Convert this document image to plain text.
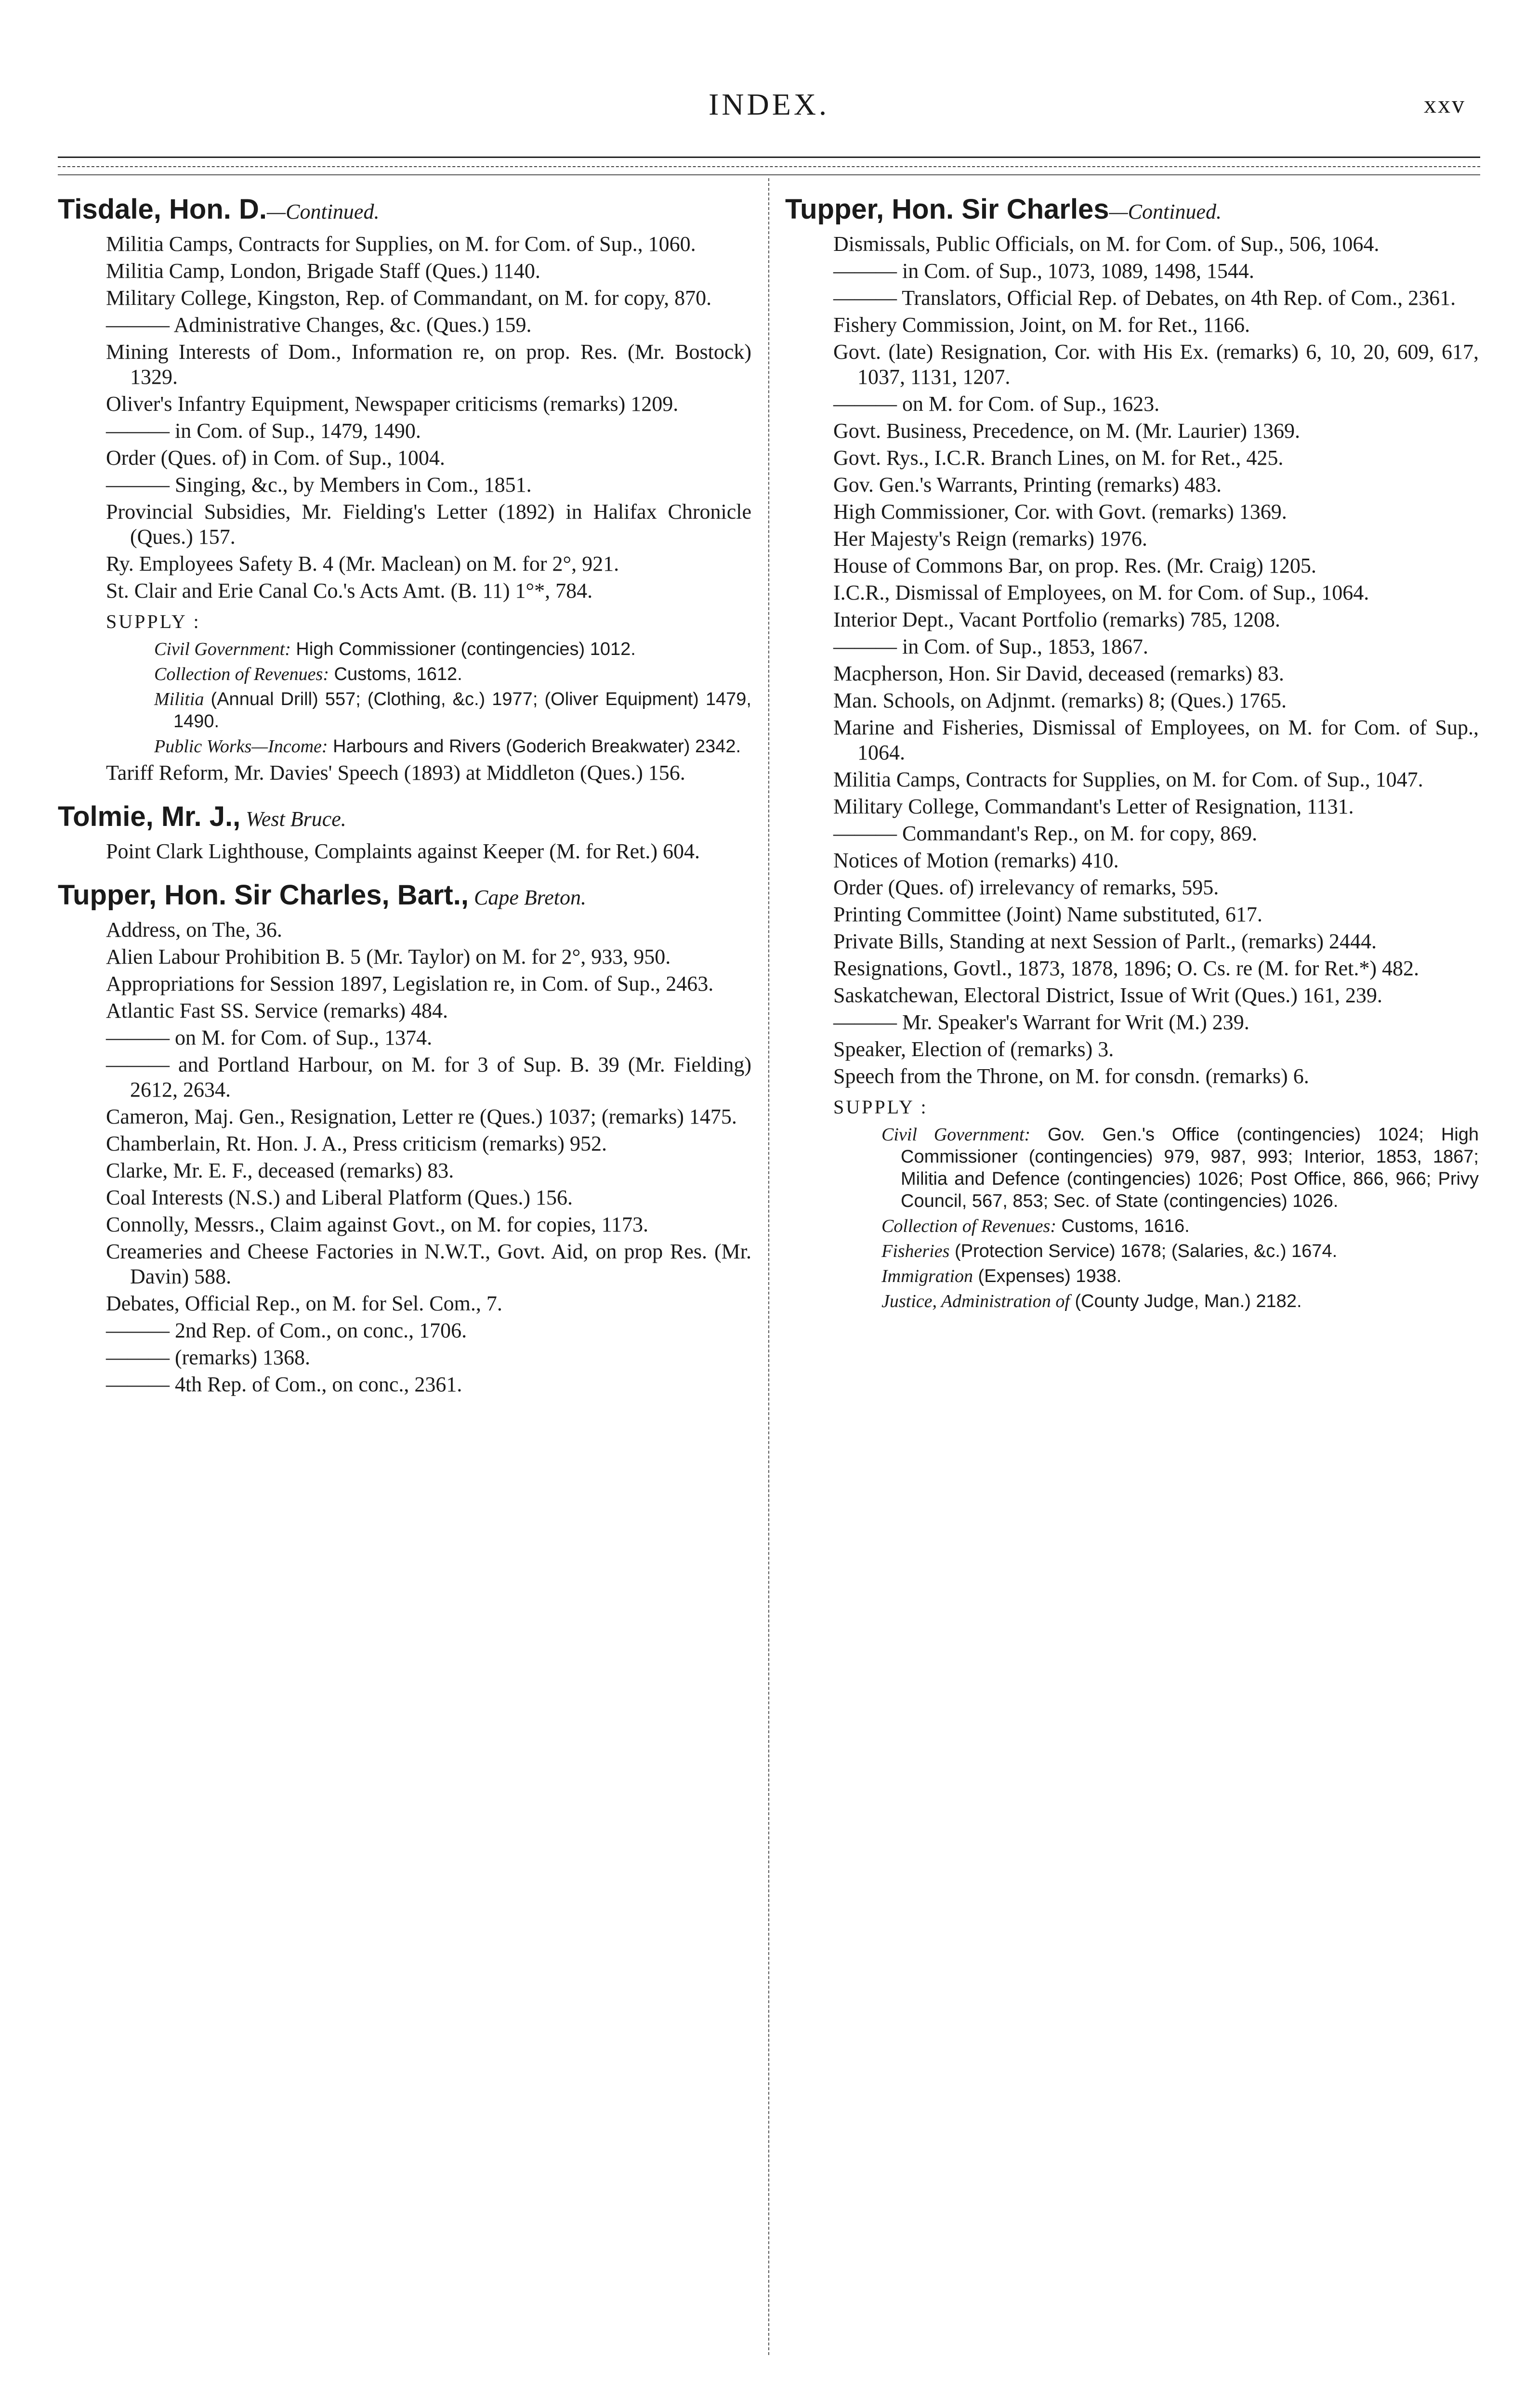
INDEX.	xxv
Tisdale, Hon. D.—Continued.
Militia Camps, Contracts for Supplies, on M. for Com. of Sup., 1060.
Militia Camp, London, Brigade Staff (Ques.) 1140.
Military College, Kingston, Rep. of Commandant, on M. for copy, 870.
——— Administrative Changes, &c. (Ques.) 159.
Mining Interests of Dom., Information re, on prop. Res. (Mr. Bostock) 1329.
Oliver's Infantry Equipment, Newspaper criticisms (remarks) 1209.
——— in Com. of Sup., 1479, 1490.
Order (Ques. of) in Com. of Sup., 1004.
——— Singing, &c., by Members in Com., 1851.
Provincial Subsidies, Mr. Fielding's Letter (1892) in Halifax Chronicle (Ques.) 157.
Ry. Employees Safety B. 4 (Mr. Maclean) on M. for 2°, 921.
St. Clair and Erie Canal Co.'s Acts Amt. (B. 11) 1°*, 784.
SUPPLY :
Civil Government: High Commissioner (contingencies) 1012.
Collection of Revenues: Customs, 1612.
Militia (Annual Drill) 557; (Clothing, &c.) 1977; (Oliver Equipment) 1479, 1490.
Public Works—Income: Harbours and Rivers (Goderich Breakwater) 2342.
Tariff Reform, Mr. Davies' Speech (1893) at Middleton (Ques.) 156.
Tolmie, Mr. J., West Bruce.
Point Clark Lighthouse, Complaints against Keeper (M. for Ret.) 604.
Tupper, Hon. Sir Charles, Bart., Cape Breton.
Address, on The, 36.
Alien Labour Prohibition B. 5 (Mr. Taylor) on M. for 2°, 933, 950.
Appropriations for Session 1897, Legislation re, in Com. of Sup., 2463.
Atlantic Fast SS. Service (remarks) 484.
——— on M. for Com. of Sup., 1374.
——— and Portland Harbour, on M. for 3 of Sup. B. 39 (Mr. Fielding) 2612, 2634.
Cameron, Maj. Gen., Resignation, Letter re (Ques.) 1037; (remarks) 1475.
Chamberlain, Rt. Hon. J. A., Press criticism (remarks) 952.
Clarke, Mr. E. F., deceased (remarks) 83.
Coal Interests (N.S.) and Liberal Platform (Ques.) 156.
Connolly, Messrs., Claim against Govt., on M. for copies, 1173.
Creameries and Cheese Factories in N.W.T., Govt. Aid, on prop Res. (Mr. Davin) 588.
Debates, Official Rep., on M. for Sel. Com., 7.
——— 2nd Rep. of Com., on conc., 1706.
——— (remarks) 1368.
——— 4th Rep. of Com., on conc., 2361.
Tupper, Hon. Sir Charles—Continued.
Dismissals, Public Officials, on M. for Com. of Sup., 506, 1064.
——— in Com. of Sup., 1073, 1089, 1498, 1544.
——— Translators, Official Rep. of Debates, on 4th Rep. of Com., 2361.
Fishery Commission, Joint, on M. for Ret., 1166.
Govt. (late) Resignation, Cor. with His Ex. (remarks) 6, 10, 20, 609, 617, 1037, 1131, 1207.
——— on M. for Com. of Sup., 1623.
Govt. Business, Precedence, on M. (Mr. Laurier) 1369.
Govt. Rys., I.C.R. Branch Lines, on M. for Ret., 425.
Gov. Gen.'s Warrants, Printing (remarks) 483.
High Commissioner, Cor. with Govt. (remarks) 1369.
Her Majesty's Reign (remarks) 1976.
House of Commons Bar, on prop. Res. (Mr. Craig) 1205.
I.C.R., Dismissal of Employees, on M. for Com. of Sup., 1064.
Interior Dept., Vacant Portfolio (remarks) 785, 1208.
——— in Com. of Sup., 1853, 1867.
Macpherson, Hon. Sir David, deceased (remarks) 83.
Man. Schools, on Adjnmt. (remarks) 8; (Ques.) 1765.
Marine and Fisheries, Dismissal of Employees, on M. for Com. of Sup., 1064.
Militia Camps, Contracts for Supplies, on M. for Com. of Sup., 1047.
Military College, Commandant's Letter of Resignation, 1131.
——— Commandant's Rep., on M. for copy, 869.
Notices of Motion (remarks) 410.
Order (Ques. of) irrelevancy of remarks, 595.
Printing Committee (Joint) Name substituted, 617.
Private Bills, Standing at next Session of Parlt., (remarks) 2444.
Resignations, Govtl., 1873, 1878, 1896; O. Cs. re (M. for Ret.*) 482.
Saskatchewan, Electoral District, Issue of Writ (Ques.) 161, 239.
——— Mr. Speaker's Warrant for Writ (M.) 239.
Speaker, Election of (remarks) 3.
Speech from the Throne, on M. for consdn. (remarks) 6.
SUPPLY :
Civil Government: Gov. Gen.'s Office (contingencies) 1024; High Commissioner (contingencies) 979, 987, 993; Interior, 1853, 1867; Militia and Defence (contingencies) 1026; Post Office, 866, 966; Privy Council, 567, 853; Sec. of State (contingencies) 1026.
Collection of Revenues: Customs, 1616.
Fisheries (Protection Service) 1678; (Salaries, &c.) 1674.
Immigration (Expenses) 1938.
Justice, Administration of (County Judge, Man.) 2182.
